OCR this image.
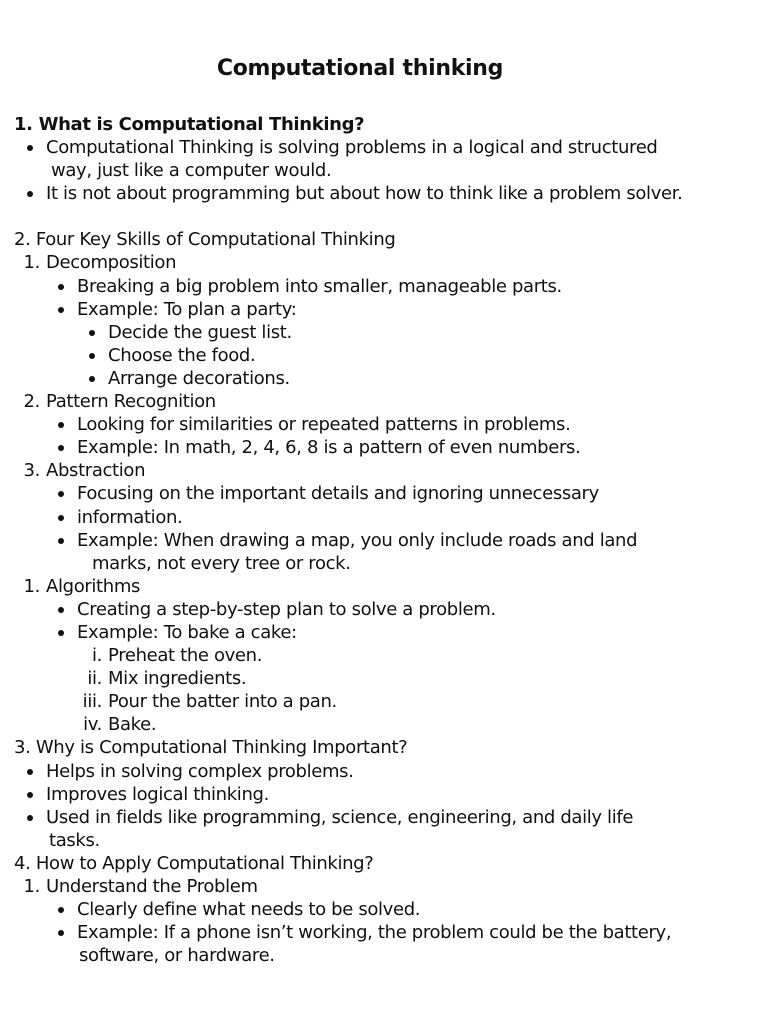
Computational thinking
1. What is Computational Thinking?
Computational Thinking is solving problems in a logical and structured
way, just like a computer would.
It is not about programming but about how to think like a problem solver.
2. Four Key Skills of Computational Thinking
1. Decomposition
Breaking a big problem into smaller, manageable parts.
Example: To plan a party:
Decide the guest list.
Choose the food.
Arrange decorations.
2. Pattern Recognition
Looking for similarities or repeated patterns in problems.
Example: In math, 2, 4, 6, 8 is a pattern of even numbers.
3. Abstraction
Focusing on the important details and ignoring unnecessary
information.
Example: When drawing a map, you only include roads and land
marks, not every tree or rock.
1. Algorithms
Creating a step-by-step plan to solve a problem.
Example: To bake a cake:
i. Preheat the oven.
ii. Mix ingredients.
iii. Pour the batter into a pan.
iv. Bake.
3. Why is Computational Thinking Important?
Helps in solving complex problems.
Improves logical thinking.
Used in fields like programming, science, engineering, and daily life
tasks.
4. How to Apply Computational Thinking?
1. Understand the Problem
Clearly define what needs to be solved.
Example: If a phone isn’t working, the problem could be the battery,
software, or hardware.
